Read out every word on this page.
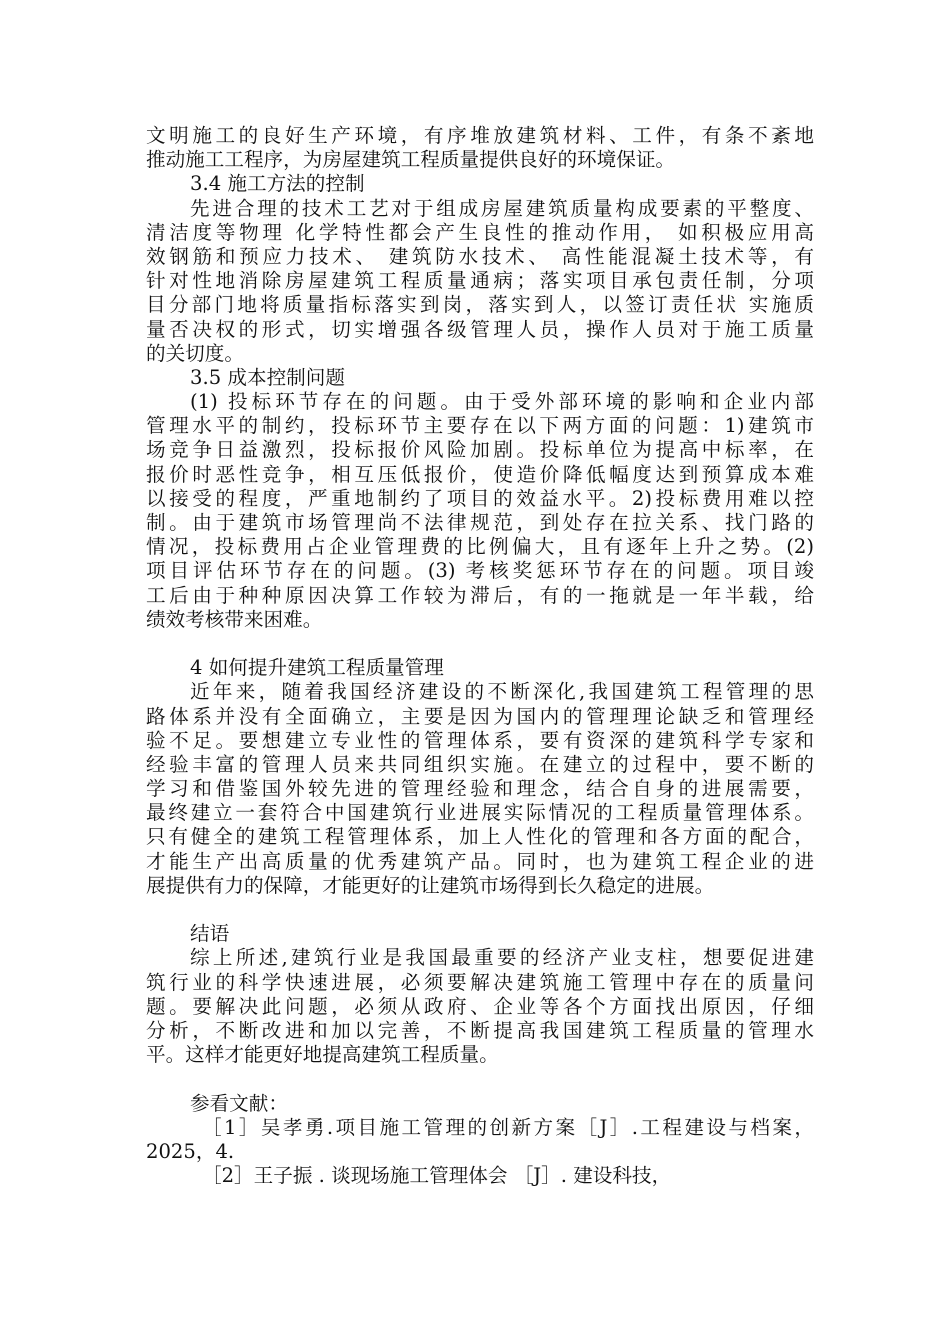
文明施工的良好生产环境，有序堆放建筑材料、工件，有条不紊地
推动施工工程序，为房屋建筑工程质量提供良好的环境保证。
3.4 施工方法的控制
先进合理的技术工艺对于组成房屋建筑质量构成要素的平整度、
清洁度等物理 化学特性都会产生良性的推动作用， 如积极应用高
效钢筋和预应力技术、 建筑防水技术、 高性能混凝土技术等，有
针对性地消除房屋建筑工程质量通病；落实项目承包责任制，分项
目分部门地将质量指标落实到岗，落实到人，以签订责任状 实施质
量否决权的形式，切实增强各级管理人员，操作人员对于施工质量
的关切度。
3.5 成本控制问题
(1) 投标环节存在的问题。由于受外部环境的影响和企业内部
管理水平的制约，投标环节主要存在以下两方面的问题：1)建筑市
场竞争日益激烈，投标报价风险加剧。投标单位为提高中标率，在
报价时恶性竞争，相互压低报价，使造价降低幅度达到预算成本难
以接受的程度，严重地制约了项目的效益水平。2)投标费用难以控
制。由于建筑市场管理尚不法律规范，到处存在拉关系、找门路的
情况，投标费用占企业管理费的比例偏大，且有逐年上升之势。(2)
项目评估环节存在的问题。(3) 考核奖惩环节存在的问题。项目竣
工后由于种种原因决算工作较为滞后，有的一拖就是一年半载，给
绩效考核带来困难。
4 如何提升建筑工程质量管理
近年来，随着我国经济建设的不断深化,我国建筑工程管理的思
路体系并没有全面确立，主要是因为国内的管理理论缺乏和管理经
验不足。要想建立专业性的管理体系，要有资深的建筑科学专家和
经验丰富的管理人员来共同组织实施。在建立的过程中，要不断的
学习和借鉴国外较先进的管理经验和理念，结合自身的进展需要，
最终建立一套符合中国建筑行业进展实际情况的工程质量管理体系。
只有健全的建筑工程管理体系，加上人性化的管理和各方面的配合，
才能生产出高质量的优秀建筑产品。同时，也为建筑工程企业的进
展提供有力的保障，才能更好的让建筑市场得到长久稳定的进展。
结语
综上所述,建筑行业是我国最重要的经济产业支柱，想要促进建
筑行业的科学快速进展，必须要解决建筑施工管理中存在的质量问
题。要解决此问题，必须从政府、企业等各个方面找出原因，仔细
分析，不断改进和加以完善，不断提高我国建筑工程质量的管理水
平。这样才能更好地提高建筑工程质量。
参看文献：
［1］吴孝勇.项目施工管理的创新方案［J］.工程建设与档案，
2025，4.
［2］王子振 . 谈现场施工管理体会 ［J］. 建设科技，
